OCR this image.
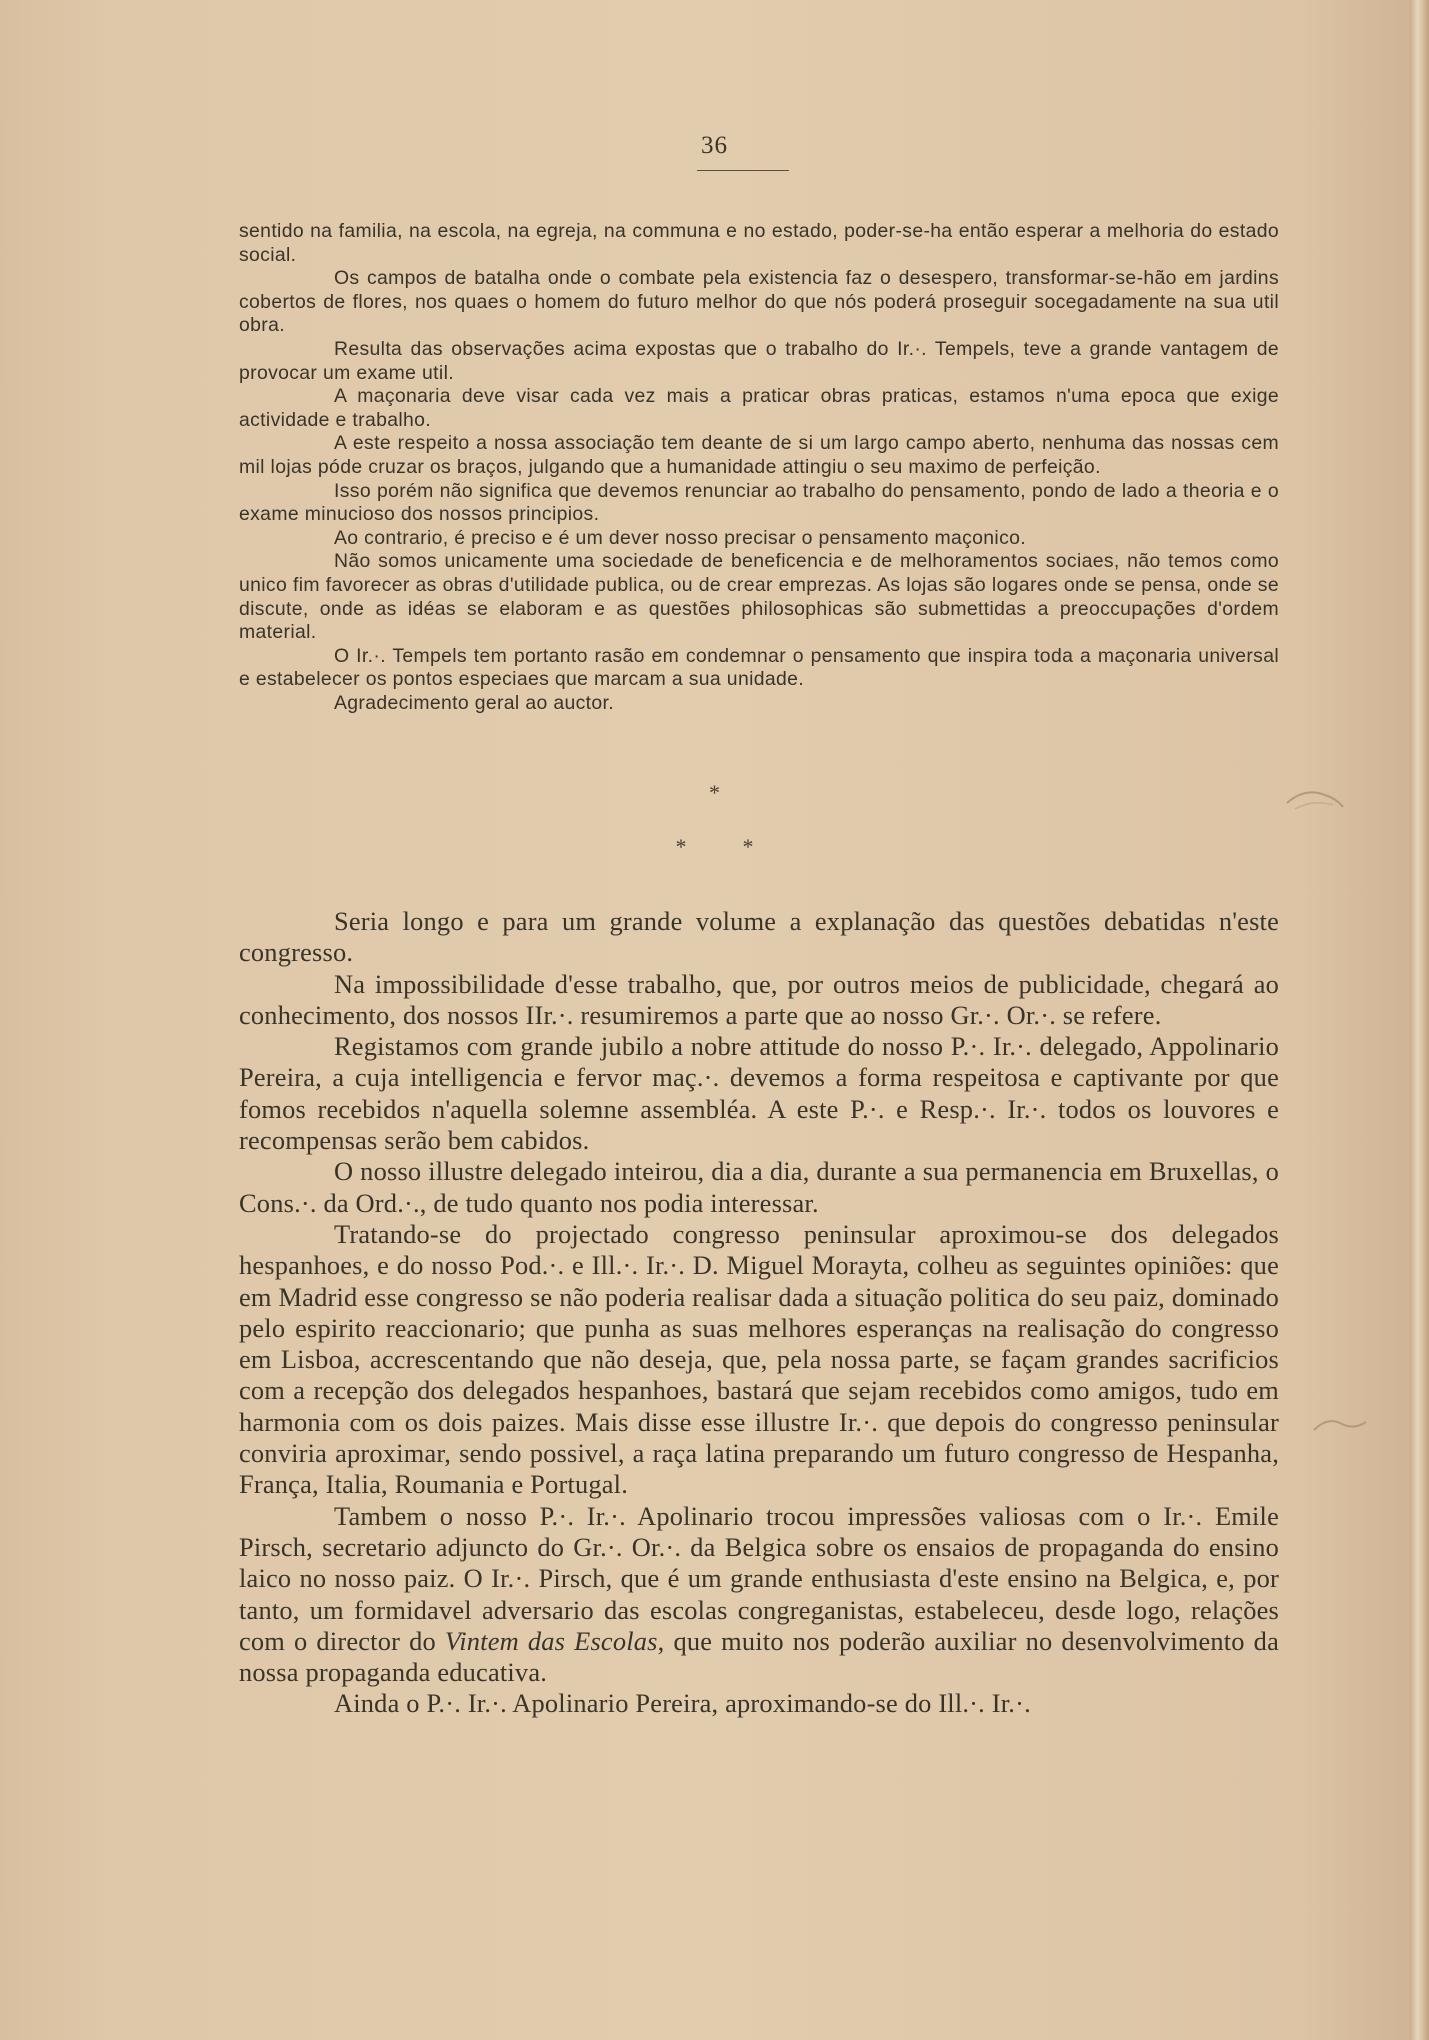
36

sentido na familia, na escola, na egreja, na communa e no estado, poder-se-ha então esperar a melhoria do estado social.

Os campos de batalha onde o combate pela existencia faz o desespero, transformar-se-hão em jardins cobertos de flores, nos quaes o homem do futuro melhor do que nós poderá proseguir socegadamente na sua util obra.

Resulta das observações acima expostas que o trabalho do Ir.·. Tempels, teve a grande vantagem de provocar um exame util.

A maçonaria deve visar cada vez mais a praticar obras praticas, estamos n'uma epoca que exige actividade e trabalho.

A este respeito a nossa associação tem deante de si um largo campo aberto, nenhuma das nossas cem mil lojas póde cruzar os braços, julgando que a humanidade attingiu o seu maximo de perfeição.

Isso porém não significa que devemos renunciar ao trabalho do pensamento, pondo de lado a theoria e o exame minucioso dos nossos principios.

Ao contrario, é preciso e é um dever nosso precisar o pensamento maçonico.

Não somos unicamente uma sociedade de beneficencia e de melhoramentos sociaes, não temos como unico fim favorecer as obras d'utilidade publica, ou de crear emprezas. As lojas são logares onde se pensa, onde se discute, onde as idéas se elaboram e as questões philosophicas são submettidas a preoccupações d'ordem material.

O Ir.·. Tempels tem portanto rasão em condemnar o pensamento que inspira toda a maçonaria universal e estabelecer os pontos especiaes que marcam a sua unidade.

Agradecimento geral ao auctor.

*
*	*

Seria longo e para um grande volume a explanação das questões debatidas n'este congresso.

Na impossibilidade d'esse trabalho, que, por outros meios de publicidade, chegará ao conhecimento, dos nossos IIr.·. resumiremos a parte que ao nosso Gr.·. Or.·. se refere.

Registamos com grande jubilo a nobre attitude do nosso P.·. Ir.·. delegado, Appolinario Pereira, a cuja intelligencia e fervor maç.·. devemos a forma respeitosa e captivante por que fomos recebidos n'aquella solemne assembléa. A este P.·. e Resp.·. Ir.·. todos os louvores e recompensas serão bem cabidos.

O nosso illustre delegado inteirou, dia a dia, durante a sua permanencia em Bruxellas, o Cons.·. da Ord.·., de tudo quanto nos podia interessar.

Tratando-se do projectado congresso peninsular aproximou-se dos delegados hespanhoes, e do nosso Pod.·. e Ill.·. Ir.·. D. Miguel Morayta, colheu as seguintes opiniões: que em Madrid esse congresso se não poderia realisar dada a situação politica do seu paiz, dominado pelo espirito reaccionario; que punha as suas melhores esperanças na realisação do congresso em Lisboa, accrescentando que não deseja, que, pela nossa parte, se façam grandes sacrificios com a recepção dos delegados hespanhoes, bastará que sejam recebidos como amigos, tudo em harmonia com os dois paizes. Mais disse esse illustre Ir.·. que depois do congresso peninsular conviria aproximar, sendo possivel, a raça latina preparando um futuro congresso de Hespanha, França, Italia, Roumania e Portugal.

Tambem o nosso P.·. Ir.·. Apolinario trocou impressões valiosas com o Ir.·. Emile Pirsch, secretario adjuncto do Gr.·. Or.·. da Belgica sobre os ensaios de propaganda do ensino laico no nosso paiz. O Ir.·. Pirsch, que é um grande enthusiasta d'este ensino na Belgica, e, por tanto, um formidavel adversario das escolas congreganistas, estabeleceu, desde logo, relações com o director do Vintem das Escolas, que muito nos poderão auxiliar no desenvolvimento da nossa propaganda educativa.

Ainda o P.·. Ir.·. Apolinario Pereira, aproximando-se do Ill.·. Ir.·.
